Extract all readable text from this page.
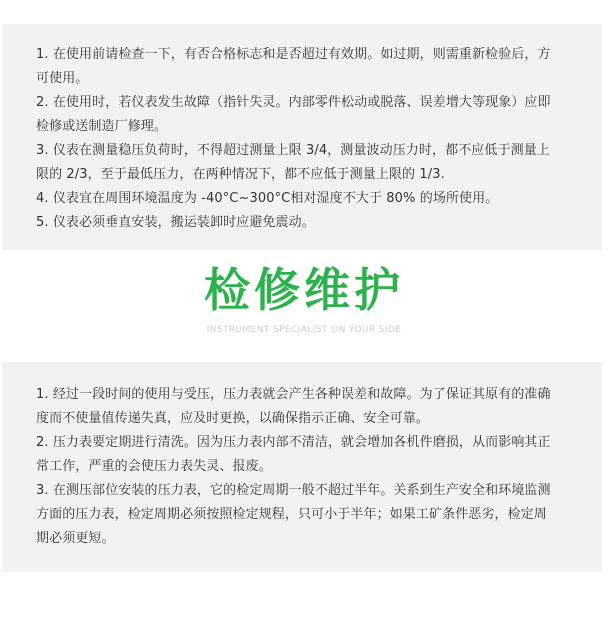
1. 在使用前请检查一下，有否合格标志和是否超过有效期。如过期，则需重新检验后，方
可使用。
2. 在使用时，若仪表发生故障（指针失灵。内部零件松动或脱落、误差增大等现象）应即
检修或送制造厂修理。
3. 仪表在测量稳压负荷时，不得超过测量上限 3/4，测量波动压力时，都不应低于测量上
限的 2/3，至于最低压力，在两种情况下，都不应低于测量上限的 1/3.
4. 仪表宜在周围环境温度为 -40°C~300°C相对湿度不大于 80% 的场所使用。
5. 仪表必须垂直安装，搬运装卸时应避免震动。
检修维护
INSTRUMENT SPECIALIST ON YOUR SIDE
1. 经过一段时间的使用与受压，压力表就会产生各种误差和故障。为了保证其原有的准确
度而不使量值传递失真，应及时更换，以确保指示正确、安全可靠。
2. 压力表要定期进行清洗。因为压力表内部不清洁，就会增加各机件磨损，从而影响其正
常工作，严重的会使压力表失灵、报废。
3. 在测压部位安装的压力表，它的检定周期一般不超过半年。关系到生产安全和环境监测
方面的压力表，检定周期必须按照检定规程，只可小于半年；如果工矿条件恶劣，检定周
期必须更短。
